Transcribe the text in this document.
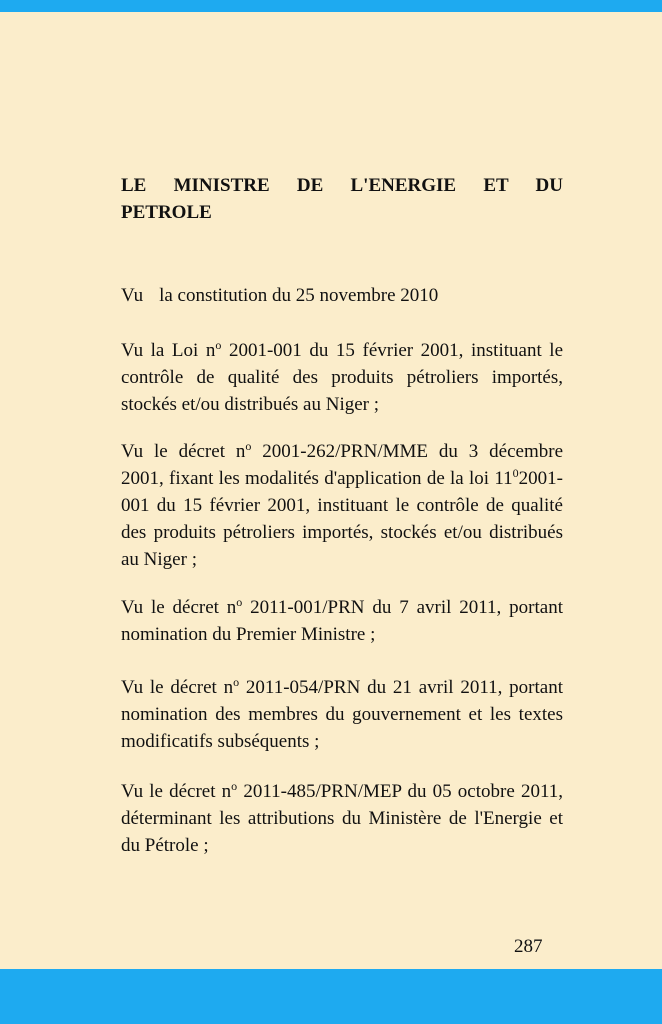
LE MINISTRE DE L'ENERGIE ET DU
PETROLE

Vu la constitution du 25 novembre 2010

Vu la Loi $n^o$ 2001-001 du 15 février 2001, instituant le contrôle de qualité des produits pétroliers importés, stockés et/ou distribués au Niger ;

Vu le décret $n^o$ 2001-262/PRN/MME du 3 décembre 2001, fixant les modalités d'application de la loi $11^02001-001$ du 15 février 2001, instituant le contrôle de qualité des produits pétroliers importés, stockés et/ou distribués au Niger ;

Vu le décret $n^o$ 2011-001/PRN du 7 avril 2011, portant nomination du Premier Ministre ;

Vu le décret $n^o$ 2011-054/PRN du 21 avril 2011, portant nomination des membres du gouvernement et les textes modificatifs subséquents ;

Vu le décret $n^o$ 2011-485/PRN/MEP du 05 octobre 2011, déterminant les attributions du Ministère de l'Energie et du Pétrole ;

287
